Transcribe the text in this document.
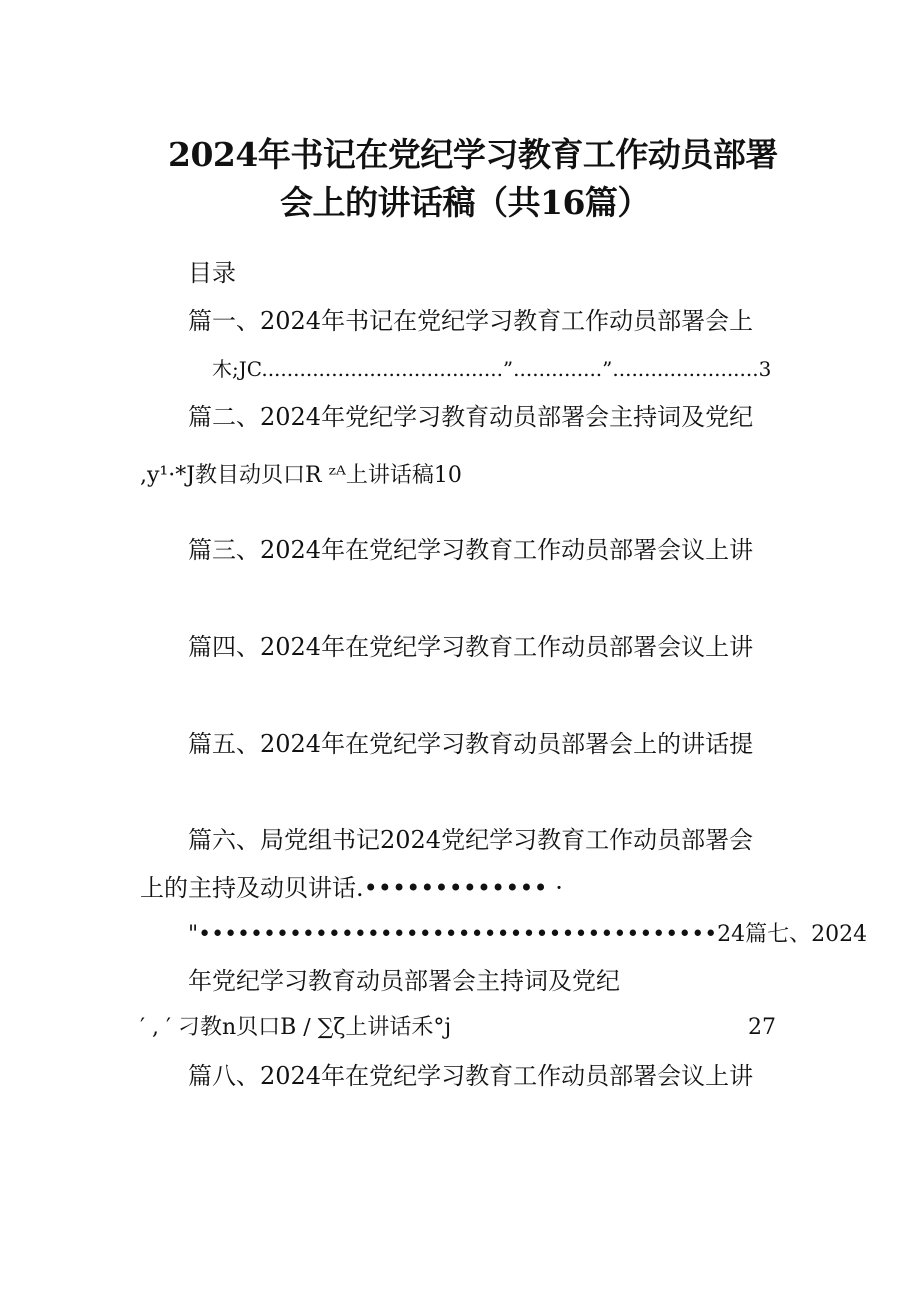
2024年书记在党纪学习教育工作动员部署
会上的讲话稿（共16篇）
目录
篇一、2024年书记在党纪学习教育工作动员部署会上
木;JC......................................”..............”.......................3
篇二、2024年党纪学习教育动员部署会主持词及党纪
,y¹·*J教目动贝口R ᶻᴬ上讲话稿10
篇三、2024年在党纪学习教育工作动员部署会议上讲
篇四、2024年在党纪学习教育工作动员部署会议上讲
篇五、2024年在党纪学习教育动员部署会上的讲话提
篇六、局党组书记2024党纪学习教育工作动员部署会
上的主持及动贝讲话.••••••••••••• ·
"••••••••••••••••••••••••••••••••••••••••24篇七、2024
年党纪学习教育动员部署会主持词及党纪
′ , ′ 刁教n贝口B ∕ ∑ζ上讲话禾°j	27
篇八、2024年在党纪学习教育工作动员部署会议上讲
